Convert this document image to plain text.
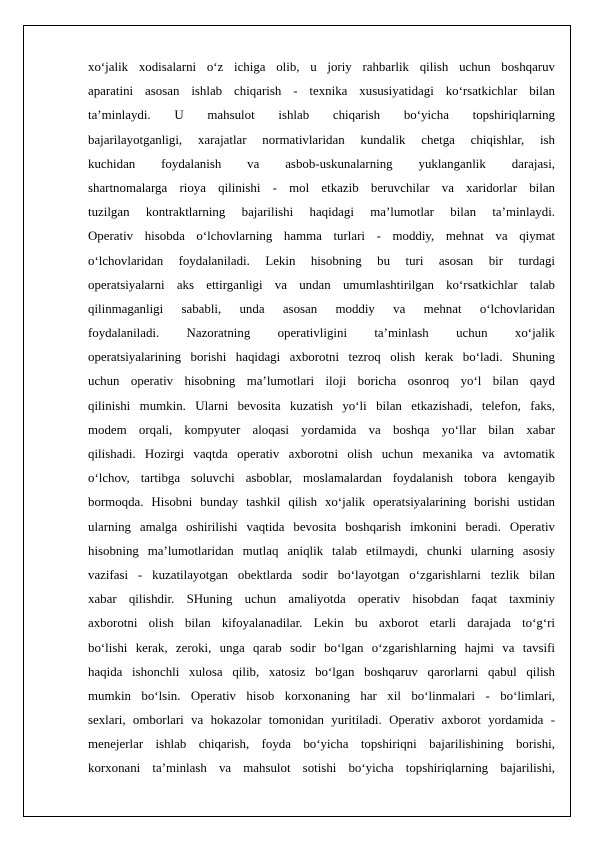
xo‘jalik xodisalarni o‘z ichiga olib, u joriy rahbarlik qilish uchun boshqaruv
aparatini asosan ishlab chiqarish - texnika xususiyatidagi ko‘rsatkichlar bilan
ta’minlaydi. U mahsulot ishlab chiqarish bo‘yicha topshiriqlarning
bajarilayotganligi, xarajatlar normativlaridan kundalik chetga chiqishlar, ish
kuchidan foydalanish va asbob-uskunalarning yuklanganlik darajasi,
shartnomalarga rioya qilinishi - mol etkazib beruvchilar va xaridorlar bilan
tuzilgan kontraktlarning bajarilishi haqidagi ma’lumotlar bilan ta’minlaydi.
Operativ hisobda o‘lchovlarning hamma turlari - moddiy, mehnat va qiymat
o‘lchovlaridan foydalaniladi. Lekin hisobning bu turi asosan bir turdagi
operatsiyalarni aks ettirganligi va undan umumlashtirilgan ko‘rsatkichlar talab
qilinmaganligi sababli, unda asosan moddiy va mehnat o‘lchovlaridan
foydalaniladi. Nazoratning operativligini ta’minlash uchun xo‘jalik
operatsiyalarining borishi haqidagi axborotni tezroq olish kerak bo‘ladi. Shuning
uchun operativ hisobning ma’lumotlari iloji boricha osonroq yo‘l bilan qayd
qilinishi mumkin. Ularni bevosita kuzatish yo‘li bilan etkazishadi, telefon, faks,
modem orqali, kompyuter aloqasi yordamida va boshqa yo‘llar bilan xabar
qilishadi. Hozirgi vaqtda operativ axborotni olish uchun mexanika va avtomatik
o‘lchov, tartibga soluvchi asboblar, moslamalardan foydalanish tobora kengayib
bormoqda. Hisobni bunday tashkil qilish xo‘jalik operatsiyalarining borishi ustidan
ularning amalga oshirilishi vaqtida bevosita boshqarish imkonini beradi. Operativ
hisobning ma’lumotlaridan mutlaq aniqlik talab etilmaydi, chunki ularning asosiy
vazifasi - kuzatilayotgan obektlarda sodir bo‘layotgan o‘zgarishlarni tezlik bilan
xabar qilishdir. SHuning uchun amaliyotda operativ hisobdan faqat taxminiy
axborotni olish bilan kifoyalanadilar. Lekin bu axborot etarli darajada to‘g‘ri
bo‘lishi kerak, zeroki, unga qarab sodir bo‘lgan o‘zgarishlarning hajmi va tavsifi
haqida ishonchli xulosa qilib, xatosiz bo‘lgan boshqaruv qarorlarni qabul qilish
mumkin bo‘lsin. Operativ hisob korxonaning har xil bo‘linmalari - bo‘limlari,
sexlari, omborlari va hokazolar tomonidan yuritiladi. Operativ axborot yordamida -
menejerlar ishlab chiqarish, foyda bo‘yicha topshiriqni bajarilishining borishi,
korxonani ta’minlash va mahsulot sotishi bo‘yicha topshiriqlarning bajarilishi,
